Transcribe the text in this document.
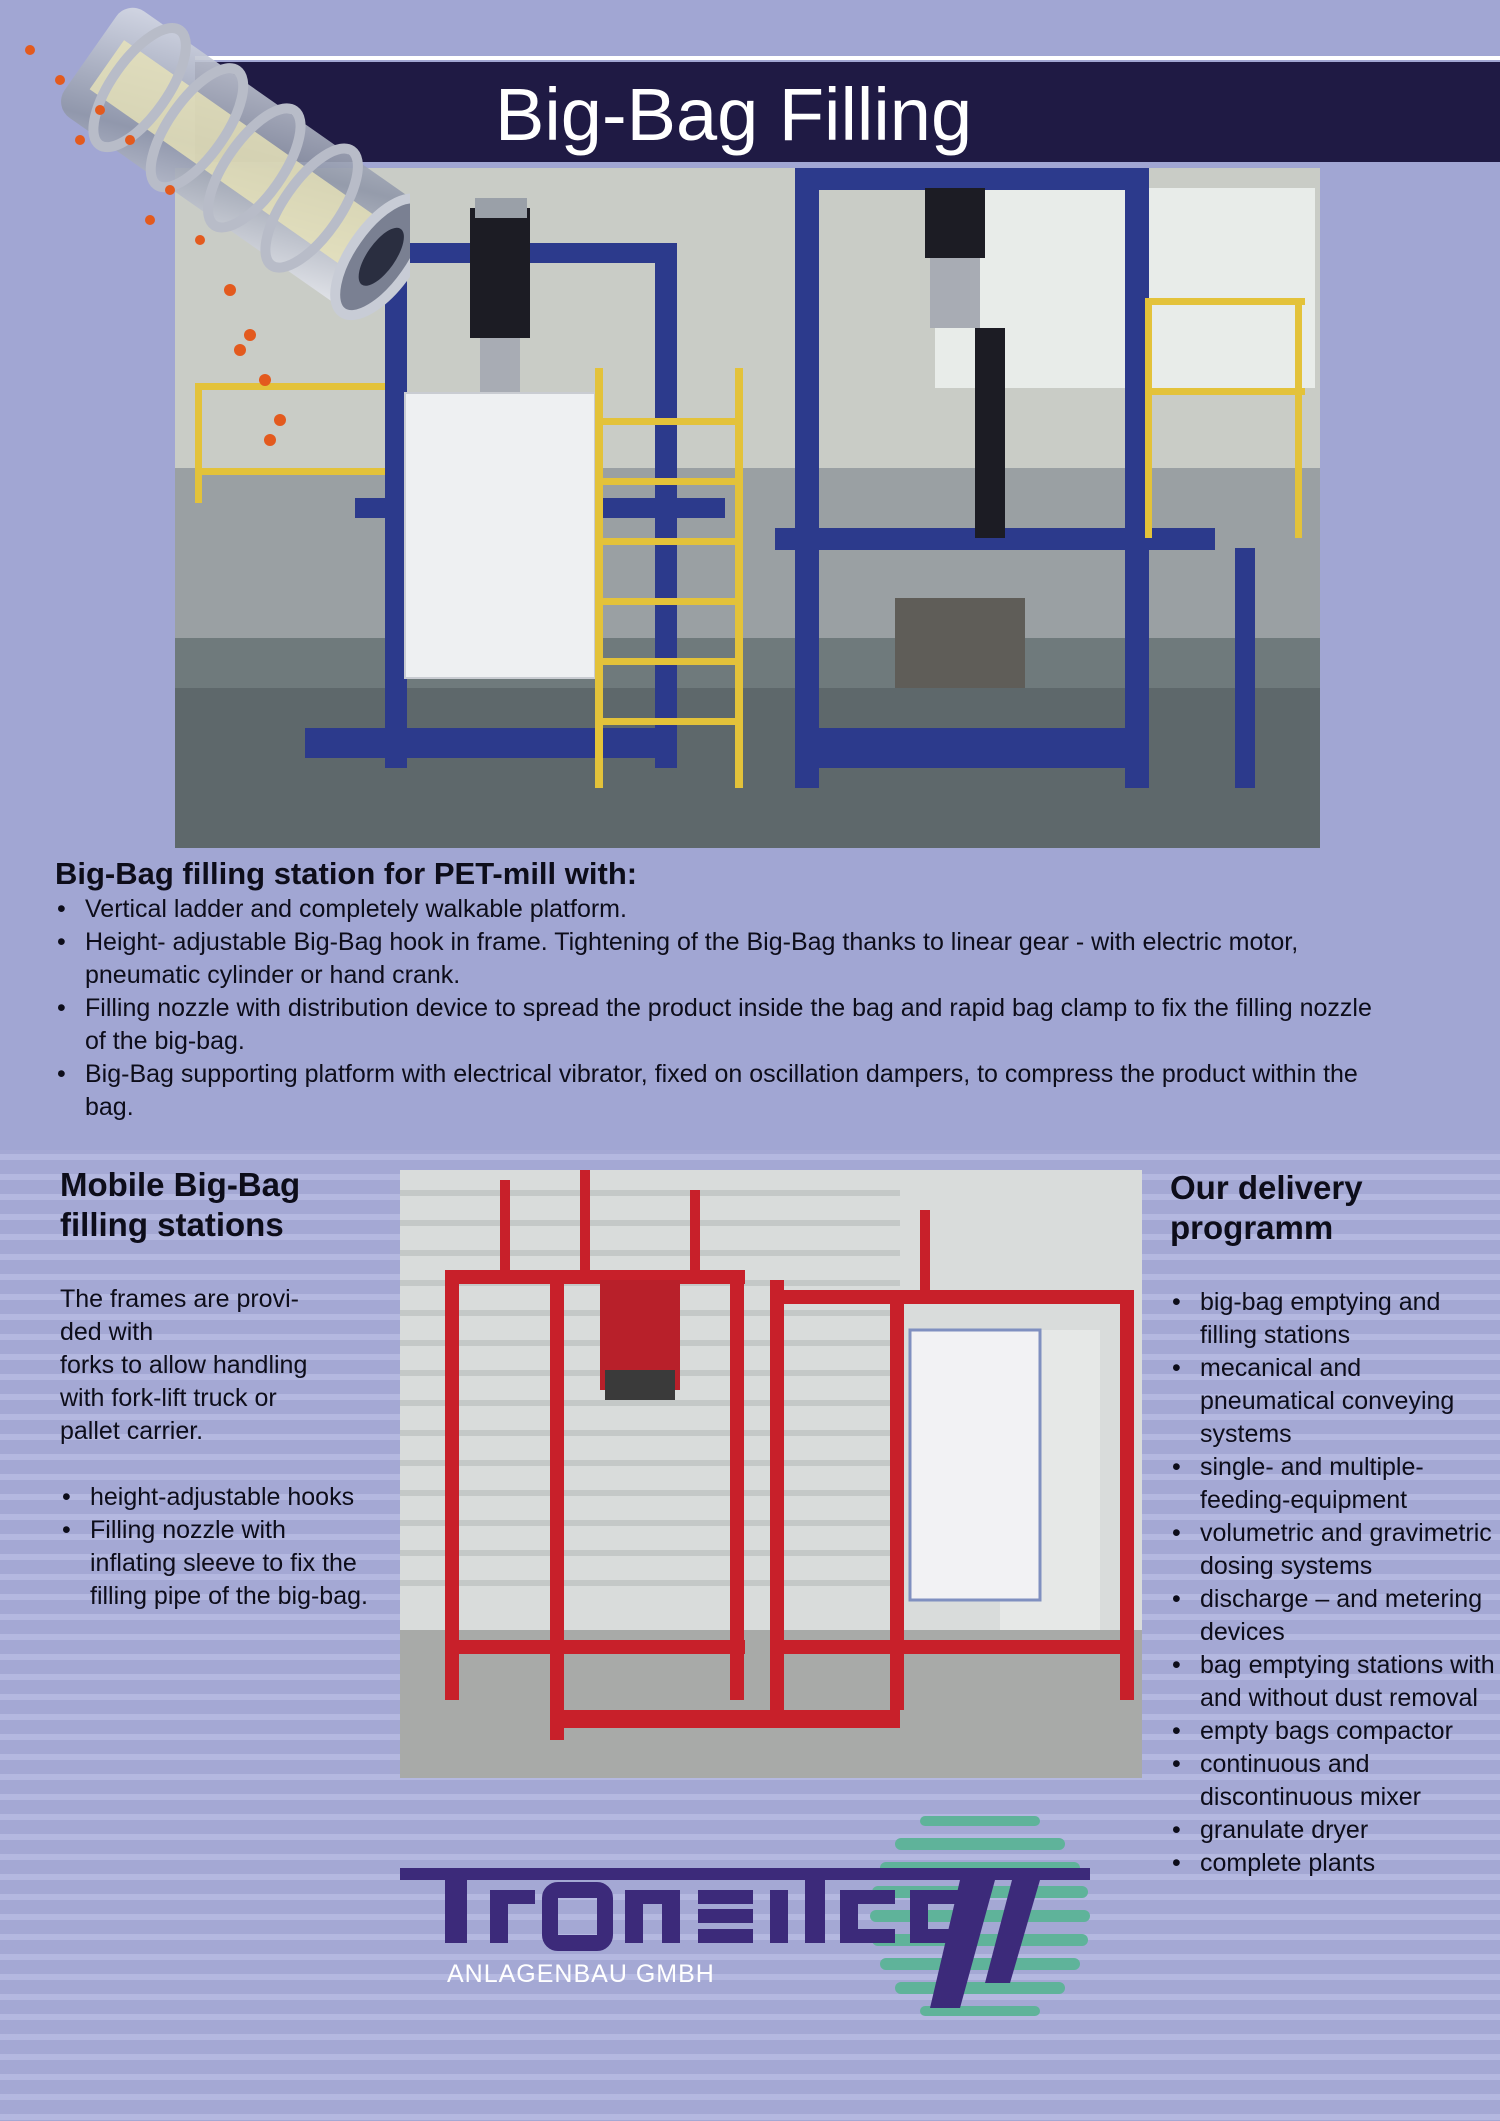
Big-Bag Filling
Big-Bag filling station for PET-mill with:
• Vertical ladder and completely walkable platform.
• Height- adjustable Big-Bag hook in frame. Tightening of the Big-Bag thanks to linear gear - with electric motor, pneumatic cylinder or hand crank.
• Filling nozzle with distribution device to spread the product inside the bag and rapid bag clamp to fix the filling nozzle of the big-bag.
• Big-Bag supporting platform with electrical vibrator, fixed on oscillation dampers, to compress the product within the bag.
Mobile Big-Bag
filling stations

The frames are provi-
ded with
forks to allow handling
with fork-lift truck or
pallet carrier.

• height-adjustable hooks
• Filling nozzle with inflating sleeve to fix the filling pipe of the big-bag.
Our delivery
programm
• big-bag emptying and filling stations
• mecanical and pneumatical conveying systems
• single- and multiple-feeding-equipment
• volumetric and gravimetric dosing systems
• discharge – and metering devices
• bag emptying stations with and without dust removal
• empty bags compactor
• continuous and discontinuous mixer
• granulate dryer
• complete plants
ANLAGENBAU GMBH
